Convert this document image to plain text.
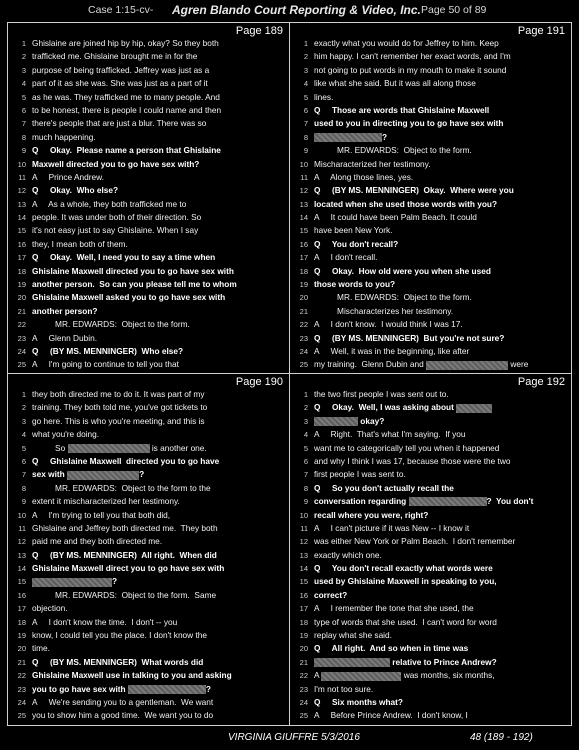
Case 1:15-cv- Agren Blando Court Reporting & Video, Inc. Page 50 of 89
Page 189
1 Ghislaine are joined hip by hip, okay? So they both
2 trafficked me. Ghislaine brought me in for the
3 purpose of being trafficked. Jeffrey was just as a
4 part of it as she was. She was just as a part of it
5 as he was. They trafficked me to many people. And
6 to be honest, there is people I could name and then
7 there's people that are just a blur. There was so
8 much happening.
9 Q     Okay.  Please name a person that Ghislaine
10 Maxwell directed you to go have sex with?
11 A     Prince Andrew.
12 Q     Okay.  Who else?
13 A     As a whole, they both trafficked me to
14 people. It was under both of their direction. So
15 it's not easy just to say Ghislaine. When I say
16 they, I mean both of them.
17 Q     Okay.  Well, I need you to say a time when
18 Ghislaine Maxwell directed you to go have sex with
19 another person.  So can you please tell me to whom
20 Ghislaine Maxwell asked you to go have sex with
21 another person?
22 MR. EDWARDS:  Object to the form.
23 A     Glenn Dubin.
24 Q     (BY MS. MENNINGER)  Who else?
25 A     I'm going to continue to tell you that
Page 191
1 exactly what you would do for Jeffrey to him. Keep
2 him happy. I can't remember her exact words, and I'm
3 not going to put words in my mouth to make it sound
4 like what she said. But it was all along those
5 lines.
6 Q     Those are words that Ghislaine Maxwell
7 used to you in directing you to go have sex with
8	?
9 MR. EDWARDS:  Object to the form.
10 Mischaracterized her testimony.
11 A     Along those lines, yes.
12 Q     (BY MS. MENNINGER)  Okay.  Where were you
13 located when she used those words with you?
14 A     It could have been Palm Beach. It could
15 have been New York.
16 Q     You don't recall?
17 A     I don't recall.
18 Q     Okay.  How old were you when she used
19 those words to you?
20 MR. EDWARDS:  Object to the form.
21 Mischaracterizes her testimony.
22 A     I don't know.  I would think I was 17.
23 Q     (BY MS. MENNINGER)  But you're not sure?
24 A     Well, it was in the beginning, like after
25 my training.  Glenn Dubin and	were
Page 190
1 they both directed me to do it. It was part of my
2 training. They both told me, you've got tickets to
3 go here. This is who you're meeting, and this is
4 what you're doing.
5 So	is another one.
6 Q     Ghislaine Maxwell  directed you to go have
7 sex with	?
8 MR. EDWARDS:  Object to the form to the
9 extent it mischaracterized her testimony.
10 A     I'm trying to tell you that both did,
11 Ghislaine and Jeffrey both directed me.  They both
12 paid me and they both directed me.
13 Q     (BY MS. MENNINGER)  All right.  When did
14 Ghislaine Maxwell direct you to go have sex with
15	?
16 MR. EDWARDS:  Object to the form.  Same
17 objection.
18 A     I don't know the time.  I don't -- you
19 know, I could tell you the place. I don't know the
20 time.
21 Q     (BY MS. MENNINGER)  What words did
22 Ghislaine Maxwell use in talking to you and asking
23 you to go have sex with	?
24 A     We're sending you to a gentleman.  We want
25 you to show him a good time.  We want you to do
Page 192
1 the two first people I was sent out to.
2 Q     Okay.  Well, I was asking about
3	okay?
4 A     Right.  That's what I'm saying.  If you
5 want me to categorically tell you when it happened
6 and why I think I was 17, because those were the two
7 first people I was sent to.
8 Q     So you don't actually recall the
9 conversation regarding	?  You don't
10 recall where you were, right?
11 A     I can't picture if it was New -- I know it
12 was either New York or Palm Beach.  I don't remember
13 exactly which one.
14 Q     You don't recall exactly what words were
15 used by Ghislaine Maxwell in speaking to you,
16 correct?
17 A     I remember the tone that she used, the
18 type of words that she used.  I can't word for word
19 replay what she said.
20 Q     All right.  And so when in time was
21	relative to Prince Andrew?
22 A	was months, six months,
23 I'm not too sure.
24 Q     Six months what?
25 A     Before Prince Andrew.  I don't know, I
VIRGINIA GIUFFRE 5/3/2016	48 (189 - 192)
